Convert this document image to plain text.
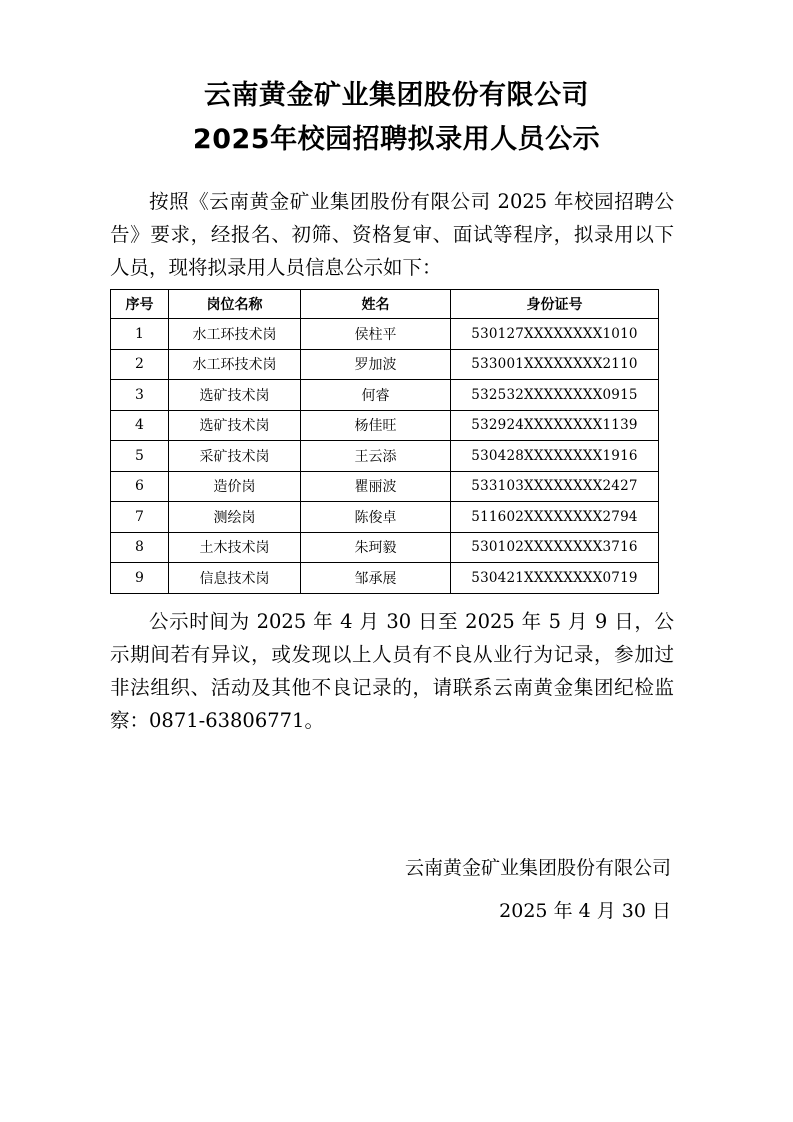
云南黄金矿业集团股份有限公司
2025年校园招聘拟录用人员公示

按照《云南黄金矿业集团股份有限公司 2025 年校园招聘公告》要求，经报名、初筛、资格复审、面试等程序，拟录用以下人员，现将拟录用人员信息公示如下：

序号	岗位名称	姓名	身份证号
1	水工环技术岗	侯柱平	530127XXXXXXXX1010
2	水工环技术岗	罗加波	533001XXXXXXXX2110
3	选矿技术岗	何睿	532532XXXXXXXX0915
4	选矿技术岗	杨佳旺	532924XXXXXXXX1139
5	采矿技术岗	王云添	530428XXXXXXXX1916
6	造价岗	瞿丽波	533103XXXXXXXX2427
7	测绘岗	陈俊卓	511602XXXXXXXX2794
8	土木技术岗	朱珂毅	530102XXXXXXXX3716
9	信息技术岗	邹承展	530421XXXXXXXX0719

公示时间为 2025 年 4 月 30 日至 2025 年 5 月 9 日，公示期间若有异议，或发现以上人员有不良从业行为记录，参加过非法组织、活动及其他不良记录的，请联系云南黄金集团纪检监察：0871-63806771。

云南黄金矿业集团股份有限公司
2025 年 4 月 30 日
